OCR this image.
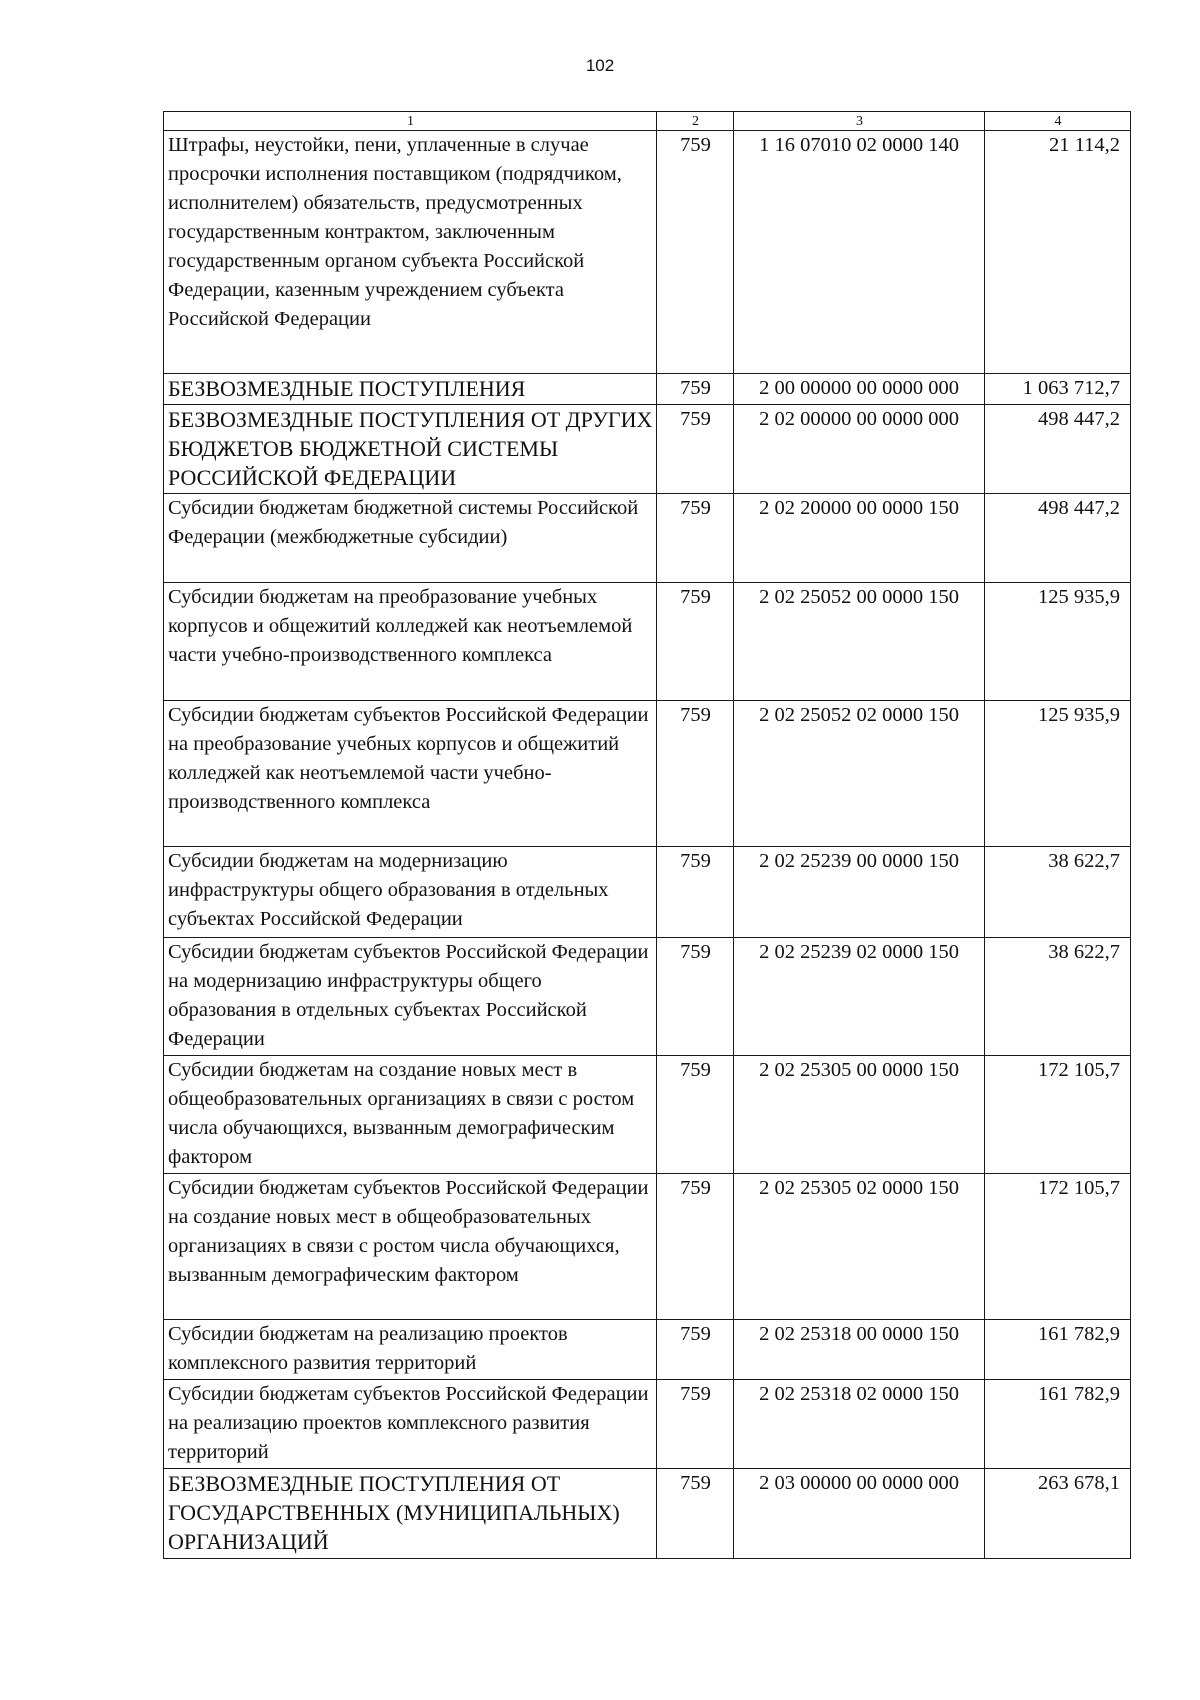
102
1	2	3	4
Штрафы, неустойки, пени, уплаченные в случае просрочки исполнения поставщиком (подрядчиком, исполнителем) обязательств, предусмотренных государственным контрактом, заключенным государственным органом субъекта Российской Федерации, казенным учреждением субъекта Российской Федерации	759	1 16 07010 02 0000 140	21 114,2
БЕЗВОЗМЕЗДНЫЕ ПОСТУПЛЕНИЯ	759	2 00 00000 00 0000 000	1 063 712,7
БЕЗВОЗМЕЗДНЫЕ ПОСТУПЛЕНИЯ ОТ ДРУГИХ БЮДЖЕТОВ БЮДЖЕТНОЙ СИСТЕМЫ РОССИЙСКОЙ ФЕДЕРАЦИИ	759	2 02 00000 00 0000 000	498 447,2
Субсидии бюджетам бюджетной системы Российской Федерации (межбюджетные субсидии)	759	2 02 20000 00 0000 150	498 447,2
Субсидии бюджетам на преобразование учебных корпусов и общежитий колледжей как неотъемлемой части учебно-производственного комплекса	759	2 02 25052 00 0000 150	125 935,9
Субсидии бюджетам субъектов Российской Федерации на преобразование учебных корпусов и общежитий колледжей как неотъемлемой части учебно-производственного комплекса	759	2 02 25052 02 0000 150	125 935,9
Субсидии бюджетам на модернизацию инфраструктуры общего образования в отдельных субъектах Российской Федерации	759	2 02 25239 00 0000 150	38 622,7
Субсидии бюджетам субъектов Российской Федерации на модернизацию инфраструктуры общего образования в отдельных субъектах Российской Федерации	759	2 02 25239 02 0000 150	38 622,7
Субсидии бюджетам на создание новых мест в общеобразовательных организациях в связи с ростом числа обучающихся, вызванным демографическим фактором	759	2 02 25305 00 0000 150	172 105,7
Субсидии бюджетам субъектов Российской Федерации на создание новых мест в общеобразовательных организациях в связи с ростом числа обучающихся, вызванным демографическим фактором	759	2 02 25305 02 0000 150	172 105,7
Субсидии бюджетам на реализацию проектов комплексного развития территорий	759	2 02 25318 00 0000 150	161 782,9
Субсидии бюджетам субъектов Российской Федерации на реализацию проектов комплексного развития территорий	759	2 02 25318 02 0000 150	161 782,9
БЕЗВОЗМЕЗДНЫЕ ПОСТУПЛЕНИЯ ОТ ГОСУДАРСТВЕННЫХ (МУНИЦИПАЛЬНЫХ) ОРГАНИЗАЦИЙ	759	2 03 00000 00 0000 000	263 678,1
